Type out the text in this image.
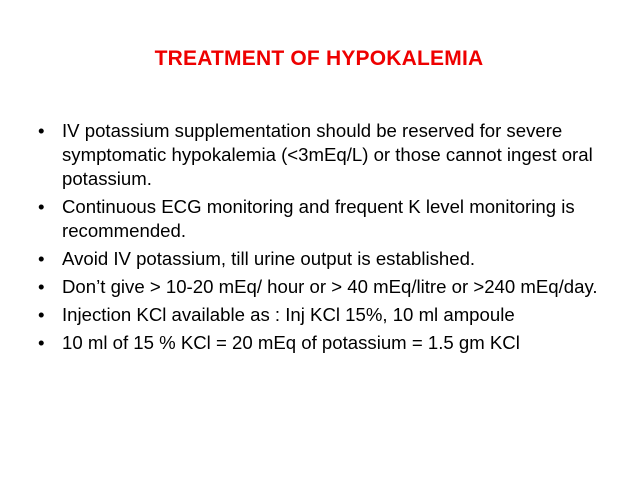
TREATMENT OF HYPOKALEMIA
• IV potassium supplementation should be reserved for severe symptomatic hypokalemia (<3mEq/L) or those cannot ingest oral potassium.
• Continuous ECG monitoring and frequent K level monitoring is recommended.
• Avoid IV potassium, till urine output is established.
• Don’t give > 10-20 mEq/ hour or > 40 mEq/litre or >240 mEq/day.
• Injection KCl available as : Inj KCl 15%, 10 ml ampoule
• 10 ml of 15 % KCl = 20 mEq of potassium = 1.5 gm KCl
